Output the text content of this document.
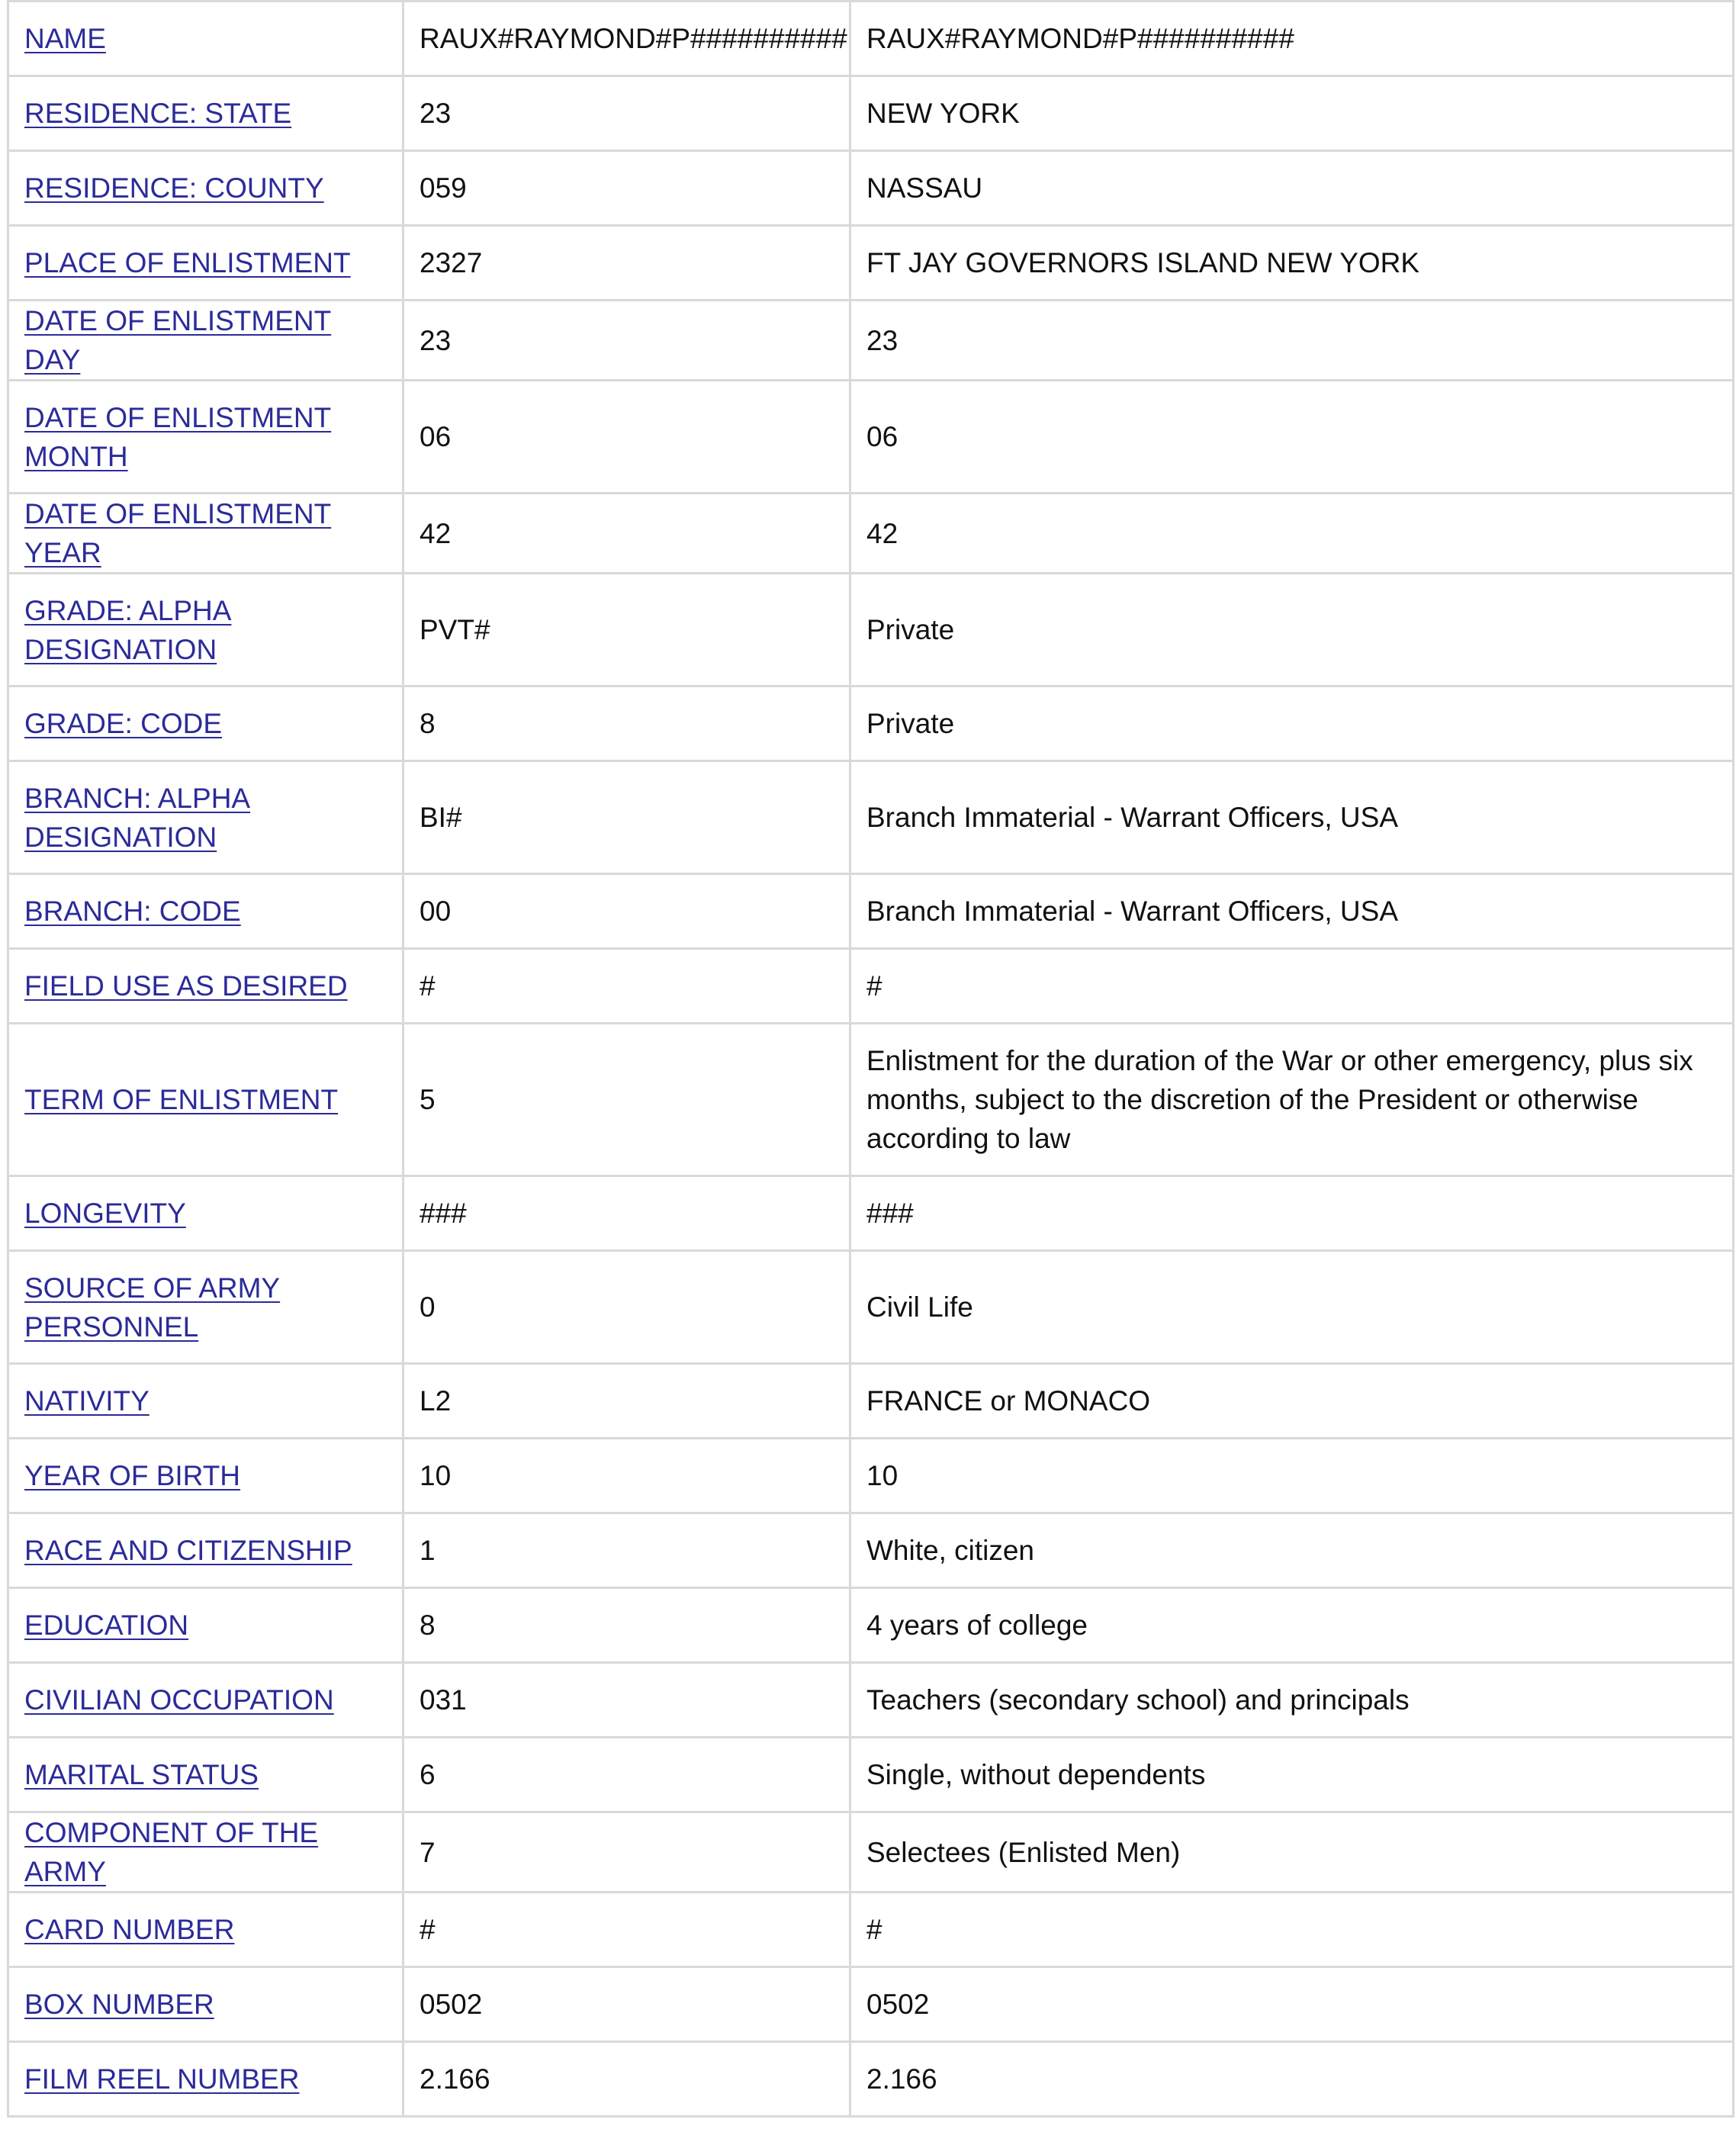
NAME	RAUX#RAYMOND#P##########	RAUX#RAYMOND#P##########
RESIDENCE: STATE	23	NEW YORK
RESIDENCE: COUNTY	059	NASSAU
PLACE OF ENLISTMENT	2327	FT JAY GOVERNORS ISLAND NEW YORK
DATE OF ENLISTMENT DAY	23	23
DATE OF ENLISTMENT MONTH	06	06
DATE OF ENLISTMENT YEAR	42	42
GRADE: ALPHA DESIGNATION	PVT#	Private
GRADE: CODE	8	Private
BRANCH: ALPHA DESIGNATION	BI#	Branch Immaterial - Warrant Officers, USA
BRANCH: CODE	00	Branch Immaterial - Warrant Officers, USA
FIELD USE AS DESIRED	#	#
TERM OF ENLISTMENT	5	Enlistment for the duration of the War or other emergency, plus six months, subject to the discretion of the President or otherwise according to law
LONGEVITY	###	###
SOURCE OF ARMY PERSONNEL	0	Civil Life
NATIVITY	L2	FRANCE or MONACO
YEAR OF BIRTH	10	10
RACE AND CITIZENSHIP	1	White, citizen
EDUCATION	8	4 years of college
CIVILIAN OCCUPATION	031	Teachers (secondary school) and principals
MARITAL STATUS	6	Single, without dependents
COMPONENT OF THE ARMY	7	Selectees (Enlisted Men)
CARD NUMBER	#	#
BOX NUMBER	0502	0502
FILM REEL NUMBER	2.166	2.166
